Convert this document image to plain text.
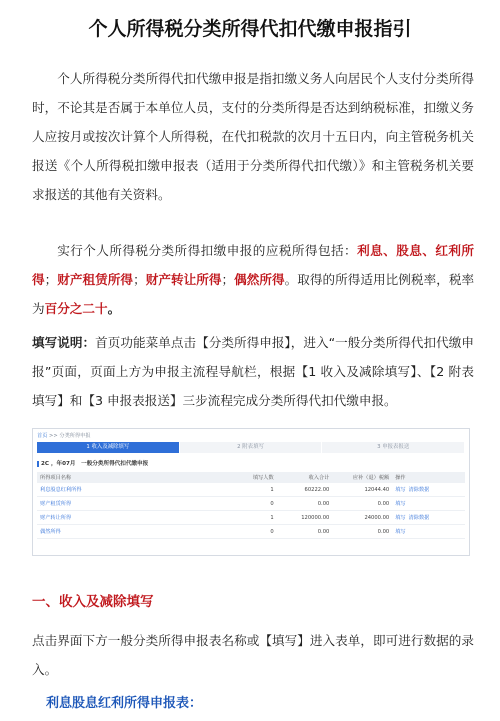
个人所得税分类所得代扣代缴申报指引
个人所得税分类所得代扣代缴申报是指扣缴义务人向居民个人支付分类所得时，不论其是否属于本单位人员，支付的分类所得是否达到纳税标准，扣缴义务人应按月或按次计算个人所得税，在代扣税款的次月十五日内，向主管税务机关报送《个人所得税扣缴申报表（适用于分类所得代扣代缴）》和主管税务机关要求报送的其他有关资料。
实行个人所得税分类所得扣缴申报的应税所得包括：利息、股息、红利所得；财产租赁所得；财产转让所得；偶然所得。取得的所得适用比例税率，税率为百分之二十。
填写说明：首页功能菜单点击【分类所得申报】，进入“一般分类所得代扣代缴申报”页面，页面上方为申报主流程导航栏，根据【1 收入及减除填写】、【2 附表填写】和【3 申报表报送】三步流程完成分类所得代扣代缴申报。
首页 >> 分类所得申报
1 收入及减除填写	2 附表填写	3 申报表报送
2C ，年07月　一般分类所得代扣代缴申报
所得项目名称	填写人数	收入合计	应补（退）税额	操作
利息股息红利所得	1	60222.00	12044.40	填写 清除数据
财产租赁所得	0	0.00	0.00	填写
财产转让所得	1	120000.00	24000.00	填写 清除数据
偶然所得	0	0.00	0.00	填写
一、收入及减除填写
点击界面下方一般分类所得申报表名称或【填写】进入表单，即可进行数据的录入。
利息股息红利所得申报表：
